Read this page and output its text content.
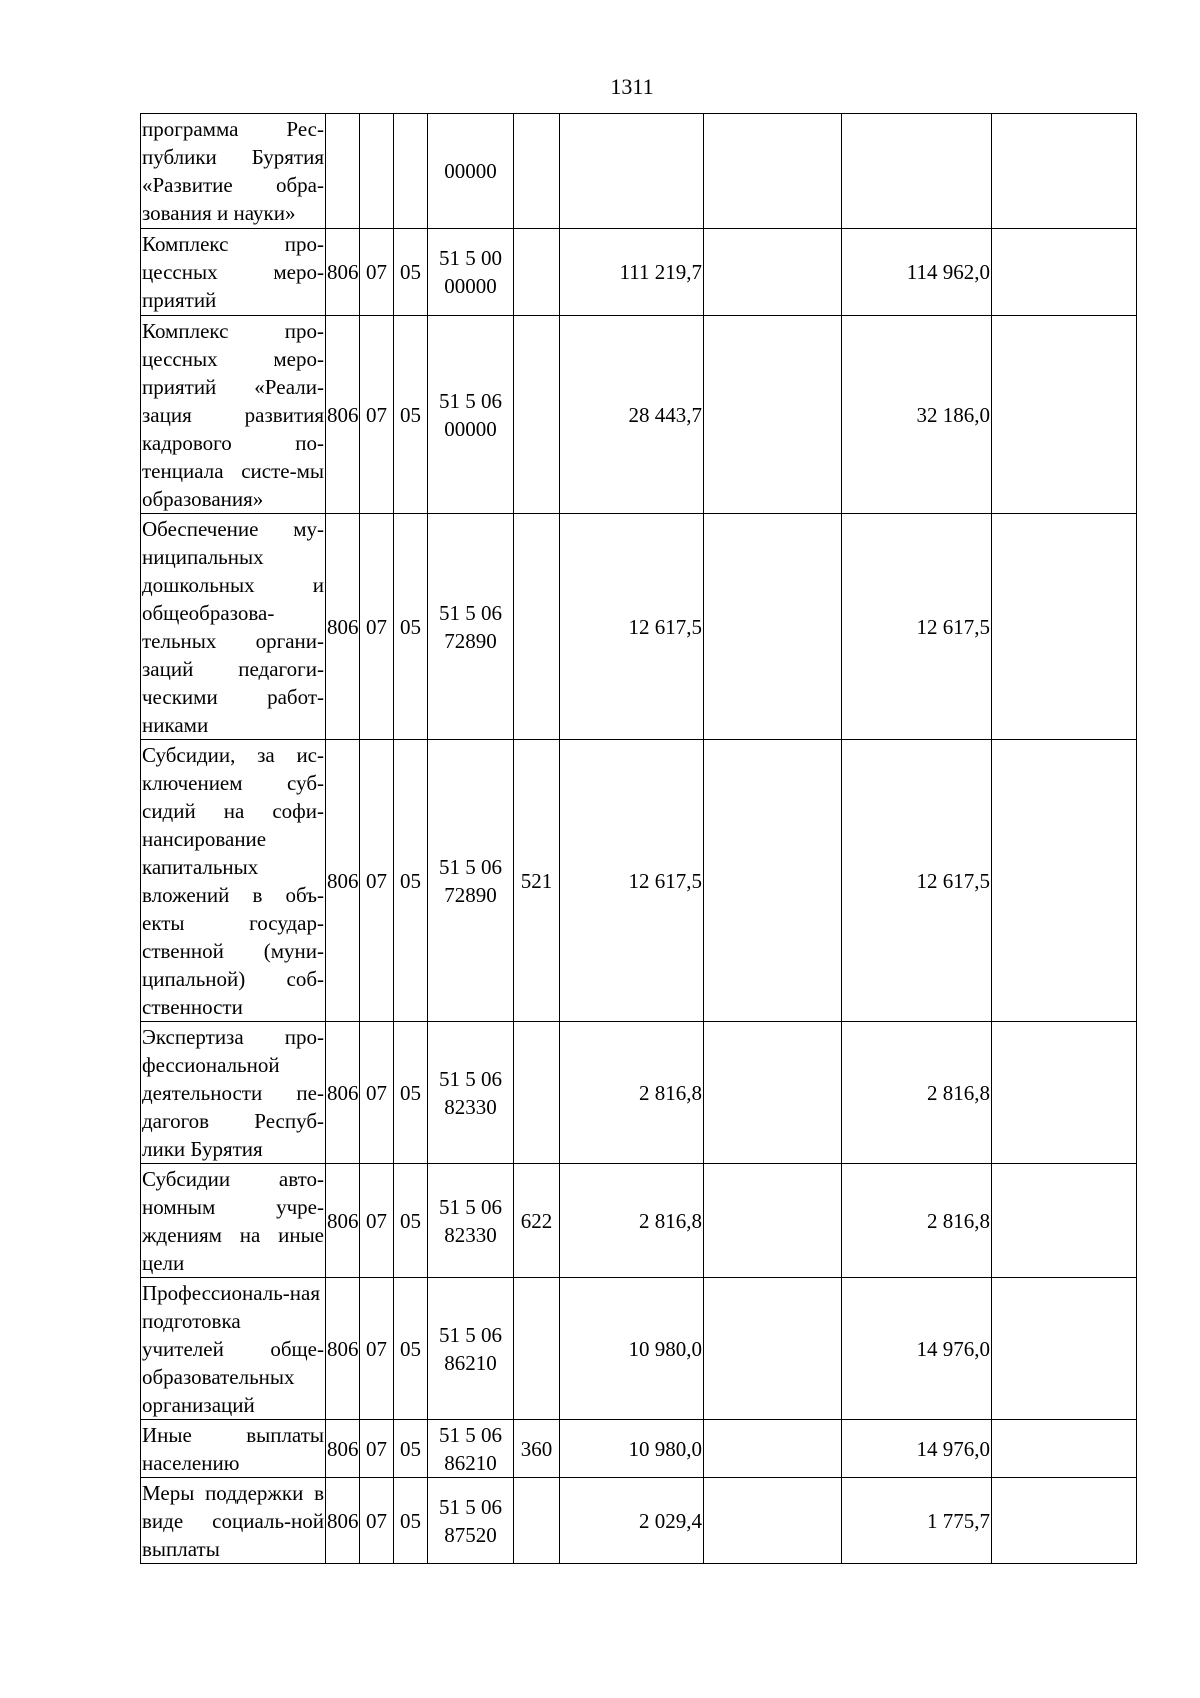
1311
программа Рес-публики Бурятия «Развитие обра-зования и науки»				00000					
Комплекс про-цессных меро-приятий	806	07	05	51 5 00 00000		111 219,7		114 962,0	
Комплекс про-цессных меро-приятий «Реали-зация развития кадрового по-тенциала систе-мы образования»	806	07	05	51 5 06 00000		28 443,7		32 186,0	
Обеспечение му-ниципальных дошкольных и общеобразова-тельных органи-заций педагоги-ческими работ-никами	806	07	05	51 5 06 72890		12 617,5		12 617,5	
Субсидии, за ис-ключением суб-сидий на софи-нансирование капитальных вложений в объ-екты государ-ственной (муни-ципальной) соб-ственности	806	07	05	51 5 06 72890	521	12 617,5		12 617,5	
Экспертиза про-фессиональной деятельности пе-дагогов Респуб-лики Бурятия	806	07	05	51 5 06 82330		2 816,8		2 816,8	
Субсидии авто-номным учре-ждениям на иные цели	806	07	05	51 5 06 82330	622	2 816,8		2 816,8	
Профессиональ-ная подготовка учителей обще-образовательных организаций	806	07	05	51 5 06 86210		10 980,0		14 976,0	
Иные выплаты населению	806	07	05	51 5 06 86210	360	10 980,0		14 976,0	
Меры поддержки в виде социаль-ной выплаты	806	07	05	51 5 06 87520		2 029,4		1 775,7	
